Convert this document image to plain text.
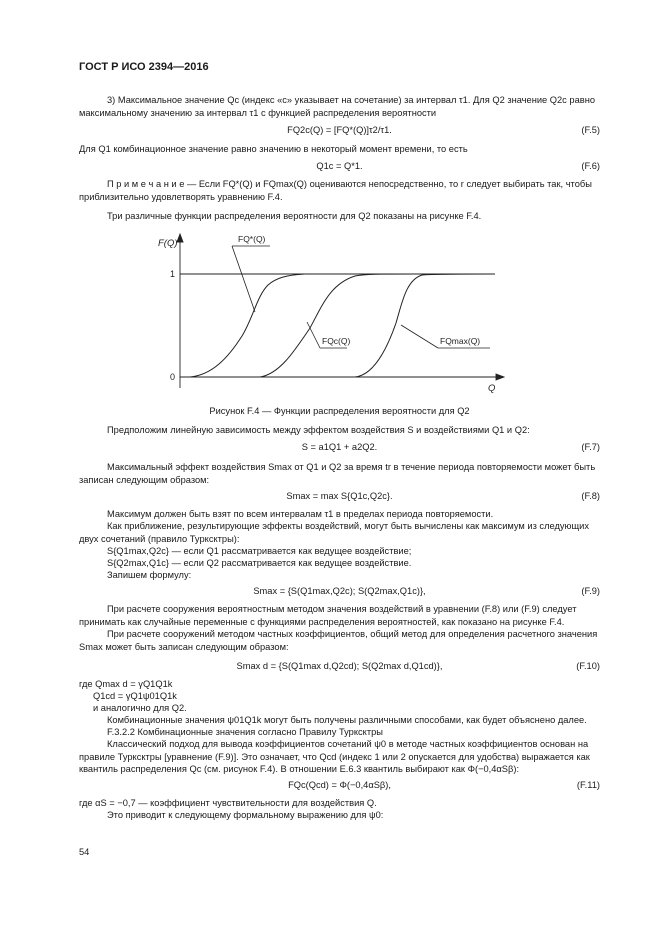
ГОСТ Р ИСО 2394—2016
3) Максимальное значение Qc (индекс «c» указывает на сочетание) за интервал τ1. Для Q2 значение Q2c равно максимальному значению за интервал τ1 с функцией распределения вероятности
FQ2c(Q) = [FQ*(Q)]τ2/τ1.	(F.5)
Для Q1 комбинационное значение равно значению в некоторый момент времени, то есть
Q1c = Q*1.	(F.6)
П р и м е ч а н и е — Если FQ*(Q) и FQmax(Q) оцениваются непосредственно, то r следует выбирать так, чтобы приблизительно удовлетворять уравнению F.4.
Три различные функции распределения вероятности для Q2 показаны на рисунке F.4.
F(Q)
1
0
Q
FQ*(Q)
FQc(Q)	FQmax(Q)
Рисунок F.4 — Функции распределения вероятности для Q2
Предположим линейную зависимость между эффектом воздействия S и воздействиями Q1 и Q2:
S = a1Q1 + a2Q2.	(F.7)
Максимальный эффект воздействия Smax от Q1 и Q2 за время tr в течение периода повторяемости может быть записан следующим образом:
Smax = max S{Q1c,Q2c}.	(F.8)
Максимум должен быть взят по всем интервалам τ1 в пределах периода повторяемости.
Как приближение, результирующие эффекты воздействий, могут быть вычислены как максимум из следующих двух сочетаний (правило Турксктры):
S{Q1max,Q2c} — если Q1 рассматривается как ведущее воздействие;
S{Q2max,Q1c} — если Q2 рассматривается как ведущее воздействие.
Запишем формулу:
Smax = {S(Q1max,Q2c); S(Q2max,Q1c)},	(F.9)
При расчете сооружения вероятностным методом значения воздействий в уравнении (F.8) или (F.9) следует принимать как случайные переменные с функциями распределения вероятностей, как показано на рисунке F.4.
При расчете сооружений методом частных коэффициентов, общий метод для определения расчетного значения Smax может быть записан следующим образом:
Smax d = {S(Q1max d,Q2cd); S(Q2max d,Q1cd)},	(F.10)
где Qmax d = γQ1Q1k
Q1cd = γQ1ψ01Q1k
и аналогично для Q2.
Комбинационные значения ψ01Q1k могут быть получены различными способами, как будет объяснено далее.
F.3.2.2 Комбинационные значения согласно Правилу Турксктры
Классический подход для вывода коэффициентов сочетаний ψ0 в методе частных коэффициентов основан на правиле Турксктры [уравнение (F.9)]. Это означает, что Qcd (индекс 1 или 2 опускается для удобства) выражается как квантиль распределения Qc (см. рисунок F.4). В отношении Е.6.3 квантиль выбирают как Φ(−0,4αSβ):
FQc(Qcd) = Φ(−0,4αSβ),	(F.11)
где αS = −0,7 — коэффициент чувствительности для воздействия Q.
Это приводит к следующему формальному выражению для ψ0:
54
